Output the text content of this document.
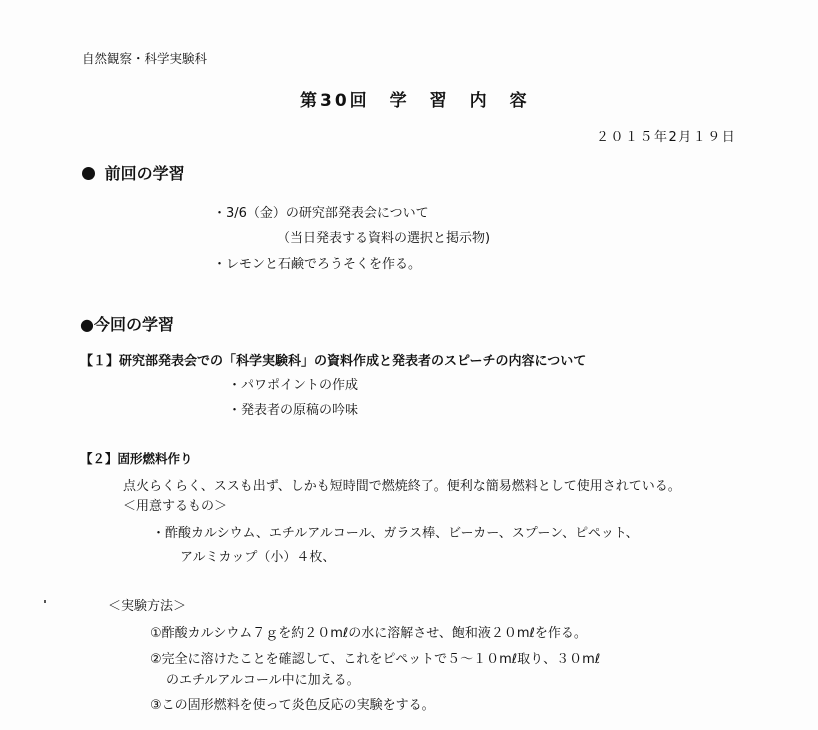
自然観察・科学実験科
第30回　学　習　内　容
２０１５年2月１９日
前回の学習
・3/6（金）の研究部発表会について
（当日発表する資料の選択と掲示物)
・レモンと石鹸でろうそくを作る。
●今回の学習
【１】研究部発表会での「科学実験科」の資料作成と発表者のスピーチの内容について
・パワポイントの作成
・発表者の原稿の吟味
【２】固形燃料作り
点火らくらく、ススも出ず、しかも短時間で燃焼終了。便利な簡易燃料として使用されている。
＜用意するもの＞
・酢酸カルシウム、エチルアルコール、ガラス棒、ビーカー、スプーン、ピペット、
アルミカップ（小）４枚、
＜実験方法＞
①酢酸カルシウム７ｇを約２０mℓの水に溶解させ、飽和液２０mℓを作る。
②完全に溶けたことを確認して、これをピペットで５～１０mℓ取り、３０mℓ
のエチルアルコール中に加える。
③この固形燃料を使って炎色反応の実験をする。
